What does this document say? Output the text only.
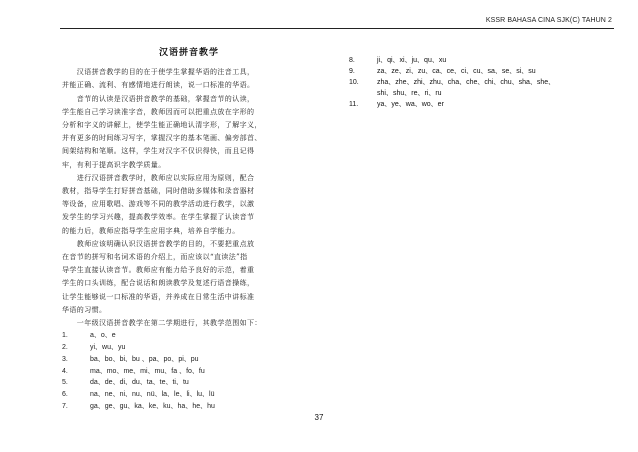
KSSR BAHASA CINA SJK(C) TAHUN 2
汉语拼音教学

　　汉语拼音教学的目的在于使学生掌握华语的注音工具，
并能正确、流利、有感情地进行朗读，说一口标准的华语。

　　音节的认读是汉语拼音教学的基础，掌握音节的认读，
学生能自己学习读准字音，教师因而可以把重点放在字形的
分析和字义的讲解上，使学生能正确地认清字形，了解字义，
并有更多的时间练习写字，掌握汉字的基本笔画、偏旁部首、
间架结构和笔顺。这样，学生对汉字不仅识得快，而且记得
牢，有利于提高识字教学质量。

　　进行汉语拼音教学时，教师应以实际应用为原则，配合
教材，指导学生打好拼音基础，同时借助多媒体和录音器材
等设备，应用歌唱、游戏等不同的教学活动进行教学，以激
发学生的学习兴趣，提高教学效率。在学生掌握了认读音节
的能力后，教师应指导学生应用字典，培养自学能力。

　　教师应该明确认识汉语拼音教学的目的，不要把重点放
在音节的拼写和名词术语的介绍上，而应该以“直读法”指
导学生直接认读音节。教师应有能力给予良好的示范，着重
学生的口头训练，配合说话和朗读教学及复述行语音操练，
让学生能够说一口标准的华语，并养成在日常生活中讲标准
华语的习惯。

　　一年级汉语拼音教学在第二学期进行，其教学范围如下：

1.	a、o、e
2.	yi、wu、yu
3.	ba、bo、bi、bu 、pa、po、pi、pu
4.	ma、mo、me、mi、mu、fa 、fo、fu
5.	da、de、di、du、ta、te、ti、tu
6.	na、ne、ni、nu、nü、la、le、li、lu、lü
7.	ga、ge、gu、ka、ke、ku、ha、he、hu
8.	ji、qi、xi、ju、qu、xu
9.	za、ze、zi、zu、ca、ce、ci、cu、sa、se、si、su
10.	zha、zhe、zhi、zhu、cha、che、chi、chu、sha、she、
shi、shu、re、ri、ru
11.	ya、ye、wa、wo、er
37
